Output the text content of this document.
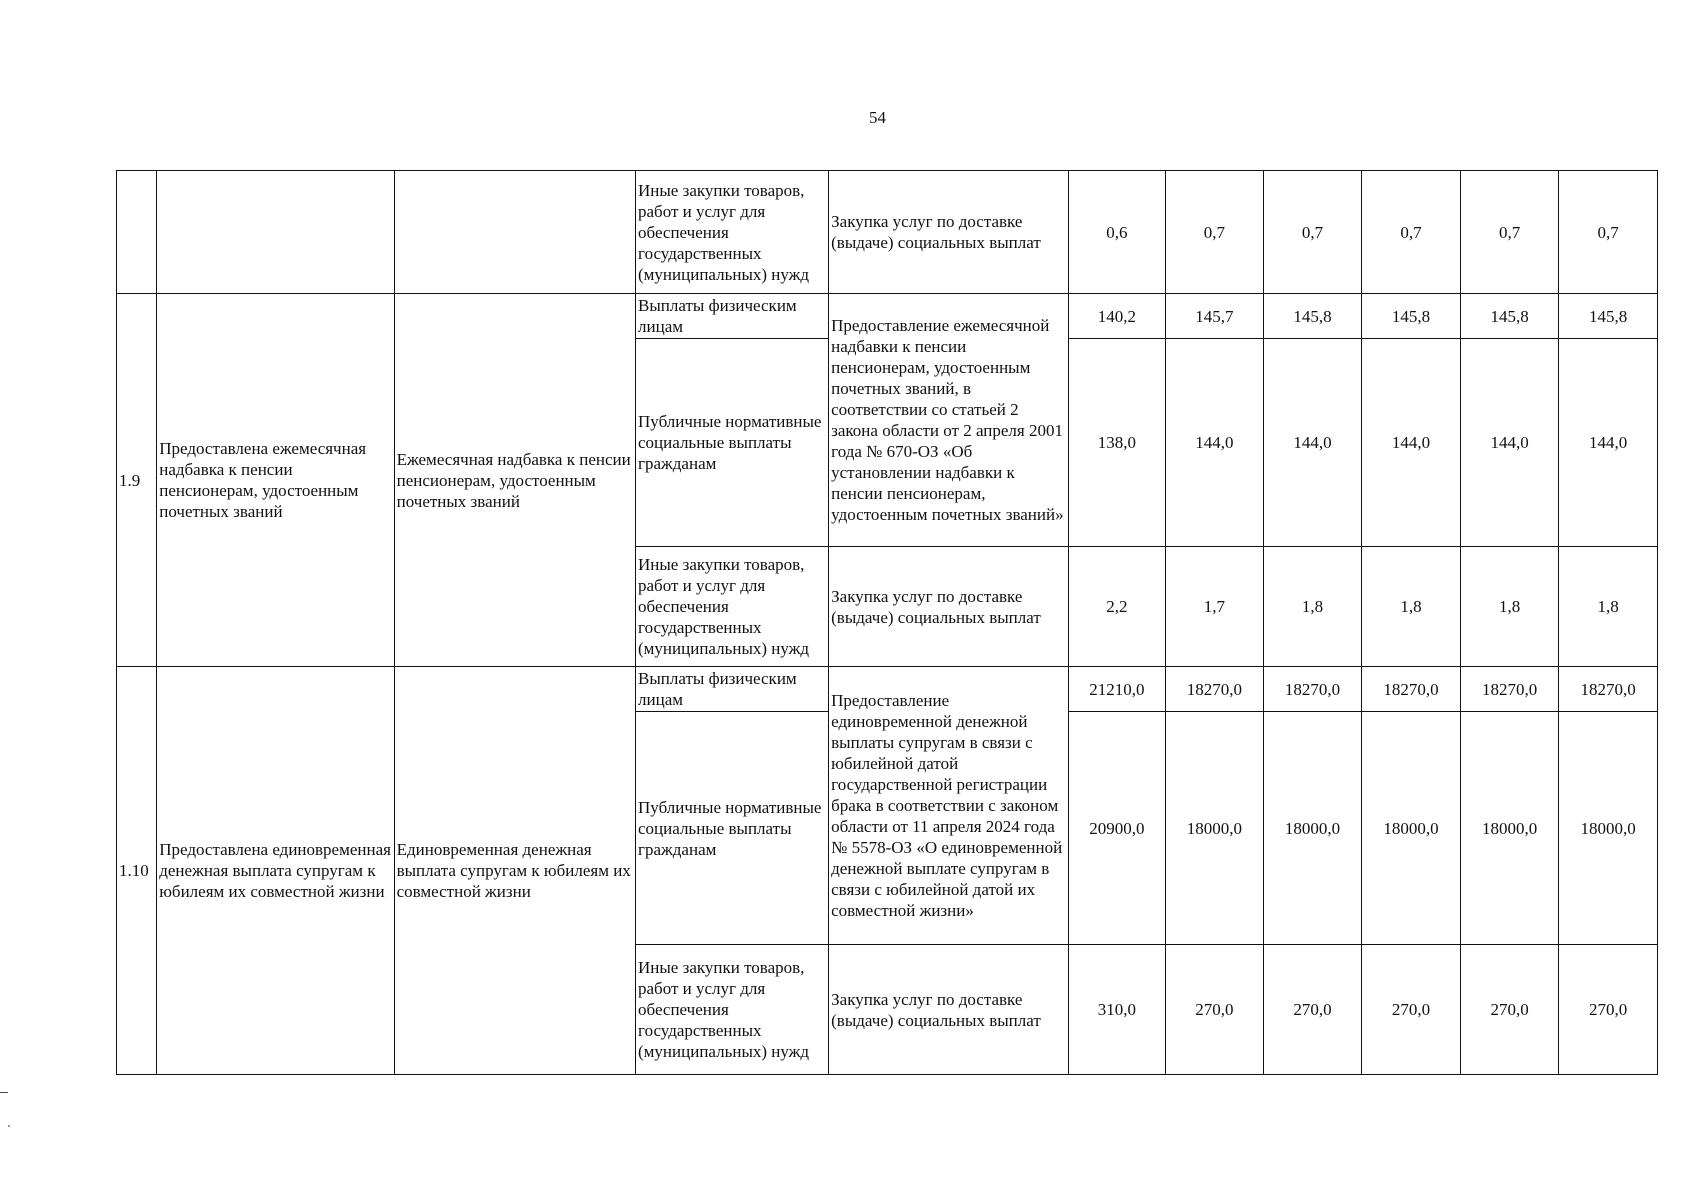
54
			Иные закупки товаров, работ и услуг для обеспечения государственных (муниципальных) нужд	Закупка услуг по доставке (выдаче) социальных выплат	0,6	0,7	0,7	0,7	0,7	0,7
1.9	Предоставлена ежемесячная надбавка к пенсии пенсионерам, удостоенным почетных званий	Ежемесячная надбавка к пенсии пенсионерам, удостоенным почетных званий	Выплаты физическим лицам	Предоставление ежемесячной надбавки к пенсии пенсионерам, удостоенным почетных званий, в соответствии со статьей 2 закона области от 2 апреля 2001 года № 670-ОЗ «Об установлении надбавки к пенсии пенсионерам, удостоенным почетных званий»	140,2	145,7	145,8	145,8	145,8	145,8
			Публичные нормативные социальные выплаты гражданам		138,0	144,0	144,0	144,0	144,0	144,0
			Иные закупки товаров, работ и услуг для обеспечения государственных (муниципальных) нужд	Закупка услуг по доставке (выдаче) социальных выплат	2,2	1,7	1,8	1,8	1,8	1,8
1.10	Предоставлена единовременная денежная выплата супругам к юбилеям их совместной жизни	Единовременная денежная выплата супругам к юбилеям их совместной жизни	Выплаты физическим лицам	Предоставление единовременной денежной выплаты супругам в связи с юбилейной датой государственной регистрации брака в соответствии с законом области от 11 апреля 2024 года № 5578-ОЗ «О единовременной денежной выплате супругам в связи с юбилейной датой их совместной жизни»	21210,0	18270,0	18270,0	18270,0	18270,0	18270,0
			Публичные нормативные социальные выплаты гражданам		20900,0	18000,0	18000,0	18000,0	18000,0	18000,0
			Иные закупки товаров, работ и услуг для обеспечения государственных (муниципальных) нужд	Закупка услуг по доставке (выдаче) социальных выплат	310,0	270,0	270,0	270,0	270,0	270,0
